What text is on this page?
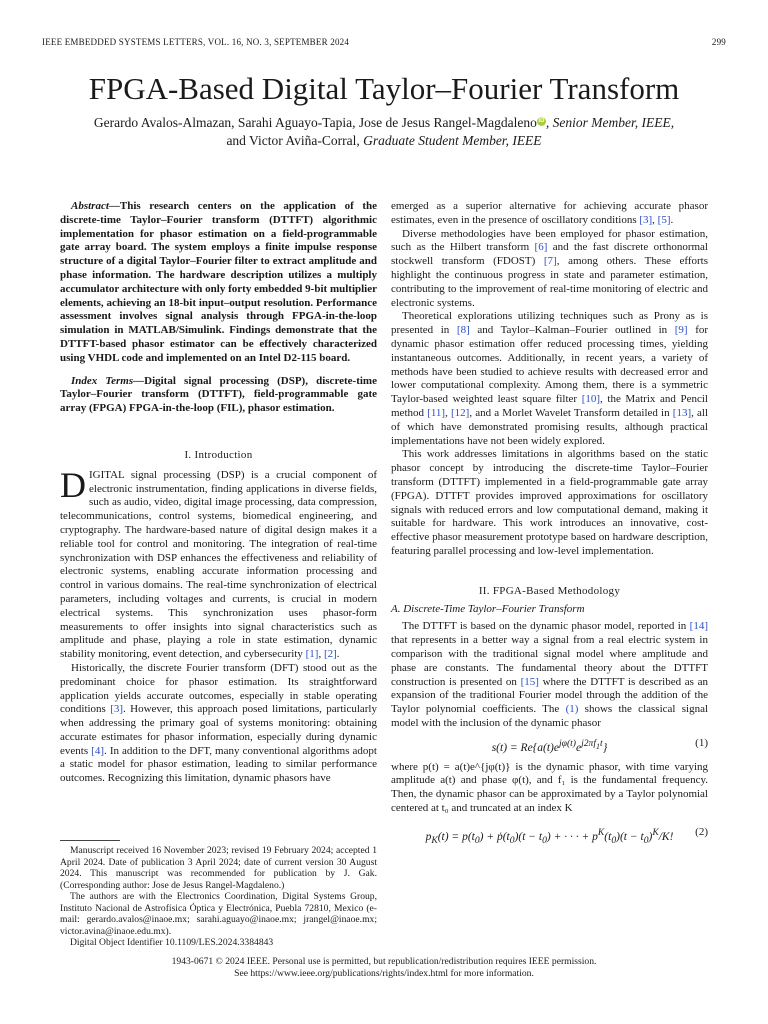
IEEE EMBEDDED SYSTEMS LETTERS, VOL. 16, NO. 3, SEPTEMBER 2024	299
FPGA-Based Digital Taylor–Fourier Transform
Gerardo Avalos-Almazan, Sarahi Aguayo-Tapia, Jose de Jesus Rangel-Magdaleno iD , Senior Member, IEEE,
and Victor Aviña-Corral, Graduate Student Member, IEEE

Abstract—This research centers on the application of the discrete-time Taylor–Fourier transform (DTTFT) algorithmic implementation for phasor estimation on a field-programmable gate array board. The system employs a finite impulse response structure of a digital Taylor–Fourier filter to extract amplitude and phase information. The hardware description utilizes a multiply accumulator architecture with only forty embedded 9-bit multiplier elements, achieving an 18-bit input–output resolution. Performance assessment involves signal analysis through FPGA-in-the-loop simulation in MATLAB/Simulink. Findings demonstrate that the DTTFT-based phasor estimator can be effectively characterized using VHDL code and implemented on an Intel D2-115 board.

Index Terms—Digital signal processing (DSP), discrete-time Taylor–Fourier transform (DTTFT), field-programmable gate array (FPGA) FPGA-in-the-loop (FIL), phasor estimation.

I. Introduction

DIGITAL signal processing (DSP) is a crucial component of electronic instrumentation, finding applications in diverse fields, such as audio, video, digital image processing, data compression, telecommunications, control systems, biomedical engineering, and cryptography. The hardware-based nature of digital design makes it a reliable tool for control and monitoring. The integration of real-time synchronization with DSP enhances the effectiveness and reliability of electronic systems, enabling accurate information processing and control in various domains. The real-time synchronization of electrical parameters, including voltages and currents, is crucial in modern electrical systems. This synchronization uses phasor-form measurements to offer insights into signal characteristics such as amplitude and phase, playing a role in state estimation, dynamic stability monitoring, event detection, and cybersecurity [1], [2].

Historically, the discrete Fourier transform (DFT) stood out as the predominant choice for phasor estimation. Its straightforward application yields accurate outcomes, especially in stable operating conditions [3]. However, this approach posed limitations, particularly when addressing the primary goal of systems monitoring: obtaining accurate estimates for phasor information, especially during dynamic events [4]. In addition to the DFT, many conventional algorithms adopt a static model for phasor estimation, leading to similar performance outcomes. Recognizing this limitation, dynamic phasors have

Manuscript received 16 November 2023; revised 19 February 2024; accepted 1 April 2024. Date of publication 3 April 2024; date of current version 30 August 2024. This manuscript was recommended for publication by J. Gak. (Corresponding author: Jose de Jesus Rangel-Magdaleno.)

The authors are with the Electronics Coordination, Digital Systems Group, Instituto Nacional de Astrofísica Óptica y Electrónica, Puebla 72810, Mexico (e-mail: gerardo.avalos@inaoe.mx; sarahi.aguayo@inaoe.mx; jrangel@inaoe.mx; victor.avina@inaoe.edu.mx).

Digital Object Identifier 10.1109/LES.2024.3384843

emerged as a superior alternative for achieving accurate phasor estimates, even in the presence of oscillatory conditions [3], [5].

Diverse methodologies have been employed for phasor estimation, such as the Hilbert transform [6] and the fast discrete orthonormal stockwell transform (FDOST) [7], among others. These efforts highlight the continuous progress in state and parameter estimation, contributing to the improvement of real-time monitoring of electric and electronic systems.

Theoretical explorations utilizing techniques such as Prony as is presented in [8] and Taylor–Kalman–Fourier outlined in [9] for dynamic phasor estimation offer reduced processing times, yielding instantaneous outcomes. Additionally, in recent years, a variety of methods have been studied to achieve results with decreased error and lower computational complexity. Among them, there is a symmetric Taylor-based weighted least square filter [10], the Matrix and Pencil method [11], [12], and a Morlet Wavelet Transform detailed in [13], all of which have demonstrated promising results, although practical implementations have not been widely explored.

This work addresses limitations in algorithms based on the static phasor concept by introducing the discrete-time Taylor–Fourier transform (DTTFT) implemented in a field-programmable gate array (FPGA). DTTFT provides improved approximations for oscillatory signals with reduced errors and low computational demand, making it suitable for hardware. This work introduces an innovative, cost-effective phasor measurement prototype based on hardware description, featuring parallel processing and low-level implementation.

II. FPGA-Based Methodology

A. Discrete-Time Taylor–Fourier Transform

The DTTFT is based on the dynamic phasor model, reported in [14] that represents in a better way a signal from a real electric system in comparison with the traditional signal model where amplitude and phase are constants. The fundamental theory about the DTTFT construction is presented on [15] where the DTTFT is described as an expansion of the traditional Fourier model through the addition of the Taylor polynomial coefficients. The (1) shows the classical signal model with the inclusion of the dynamic phasor

$s(t) = Re\{a(t)e^{j\varphi(t)}e^{j2\pi f_1t}\}$	(1)

where p(t) = a(t)e^{jφ(t)} is the dynamic phasor, with time varying amplitude a(t) and phase φ(t), and f₁ is the fundamental frequency. Then, the dynamic phasor can be approximated by a Taylor polynomial centered at t₀ and truncated at an index K

$p_K(t) = p(t_0)$ + $ṗ(t_0)(t - t_0)$ + · · · + $p^K(t_0)(t - t_0)^K/K$!	(2)
1943-0671 © 2024 IEEE. Personal use is permitted, but republication/redistribution requires IEEE permission.
See https://www.ieee.org/publications/rights/index.html for more information.
